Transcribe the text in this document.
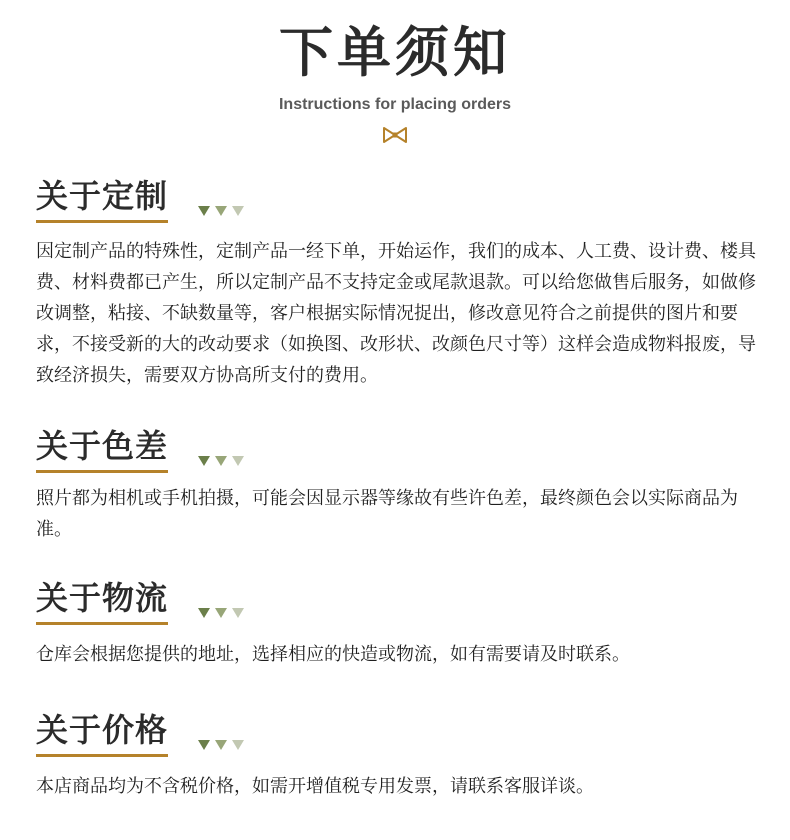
下单须知
Instructions for placing orders
关于定制

因定制产品的特殊性，定制产品一经下单，开始运作，我们的成本、人工费、设计费、楼具费、材料费都已产生，所以定制产品不支持定金或尾款退款。可以给您做售后服务，如做修改调整，粘接、不缺数量等，客户根据实际情况捉出，修改意见符合之前提供的图片和要求，不接受新的大的改动要求（如换图、改形状、改颜色尺寸等）这样会造成物料报废，导致经济损失，需要双方协高所支付的费用。

关于色差

照片都为相机或手机拍摄，可能会因显示器等缘故有些许色差，最终颜色会以实际商品为准。

关于物流

仓库会根据您提供的地址，选择相应的快造或物流，如有需要请及时联系。

关于价格

本店商品均为不含税价格，如需开增值税专用发票，请联系客服详谈。
